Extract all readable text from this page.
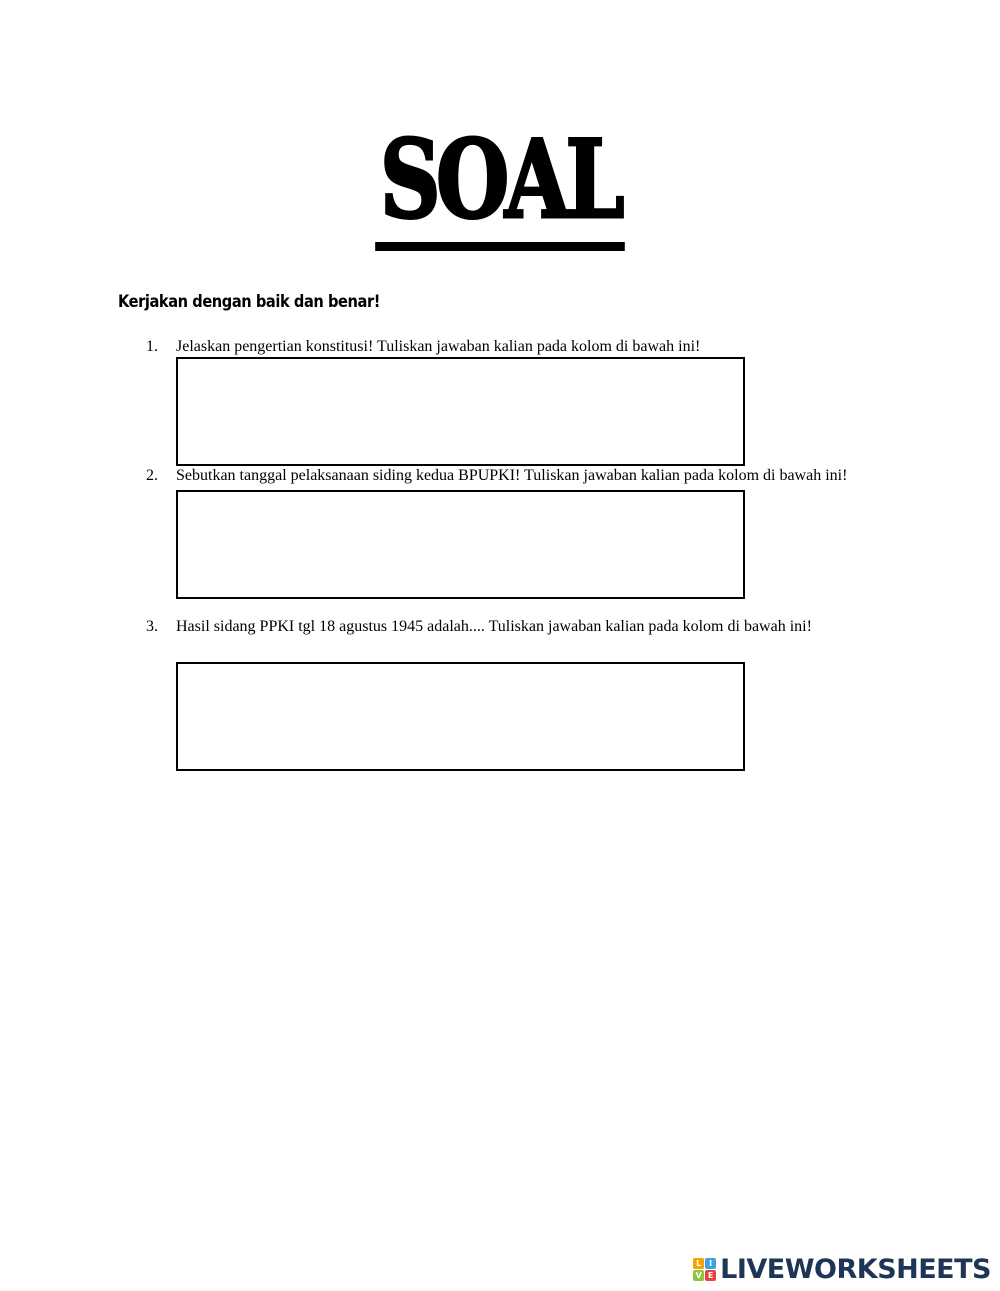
SOAL

Kerjakan dengan baik dan benar!

1. Jelaskan pengertian konstitusi! Tuliskan jawaban kalian pada kolom di bawah ini!
2. Sebutkan tanggal pelaksanaan siding kedua BPUPKI! Tuliskan jawaban kalian pada kolom di bawah ini!
3. Hasil sidang PPKI tgl 18 agustus 1945 adalah.... Tuliskan jawaban kalian pada kolom di bawah ini!
L I
V E LIVEWORKSHEETS
